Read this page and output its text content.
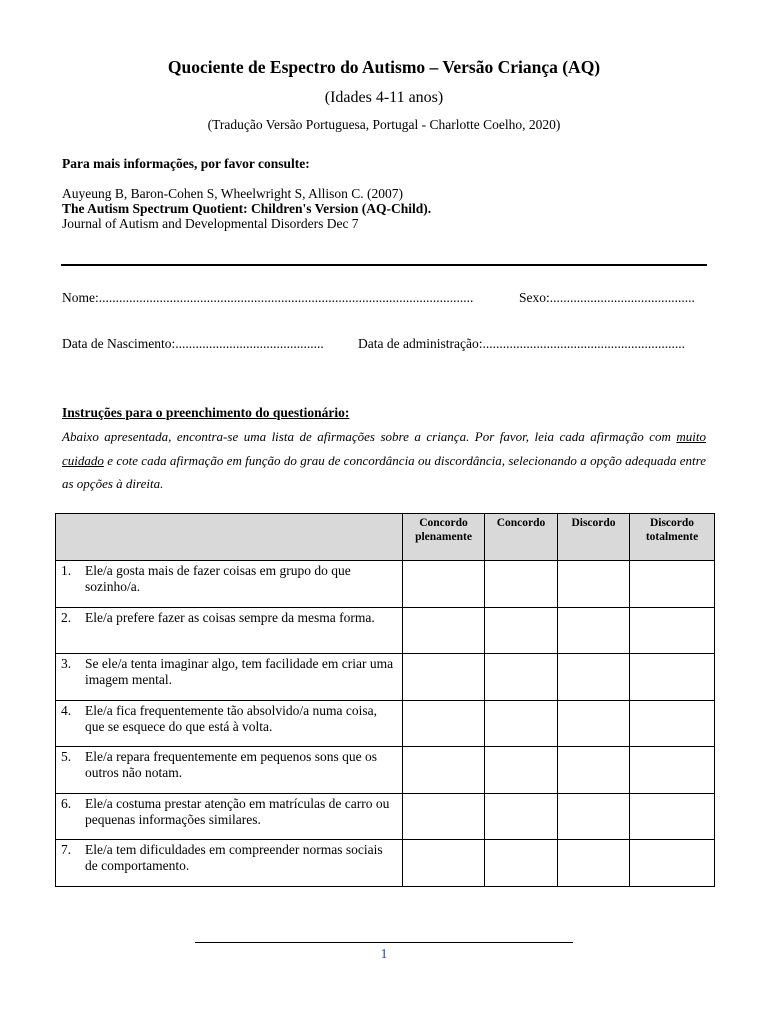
Quociente de Espectro do Autismo – Versão Criança (AQ)
(Idades 4-11 anos)
(Tradução Versão Portuguesa, Portugal - Charlotte Coelho, 2020)
Para mais informações, por favor consulte:
Auyeung B, Baron-Cohen S, Wheelwright S, Allison C. (2007)
The Autism Spectrum Quotient: Children's Version (AQ-Child).
Journal of Autism and Developmental Disorders Dec 7
Nome:...............................................................................................................	Sexo:...........................................
Data de Nascimento:............................................	Data de administração:............................................................
Instruções para o preenchimento do questionário:
Abaixo apresentada, encontra-se uma lista de afirmações sobre a criança. Por favor, leia cada afirmação com muito cuidado e cote cada afirmação em função do grau de concordância ou discordância, selecionando a opção adequada entre as opções à direita.
	Concordo plenamente	Concordo	Discordo	Discordo totalmente

1. Ele/a gosta mais de fazer coisas em grupo do que sozinho/a.				

2. Ele/a prefere fazer as coisas sempre da mesma forma.				

3. Se ele/a tenta imaginar algo, tem facilidade em criar uma imagem mental.				

4. Ele/a fica frequentemente tão absolvido/a numa coisa, que se esquece do que está à volta.				

5. Ele/a repara frequentemente em pequenos sons que os outros não notam.				

6. Ele/a costuma prestar atenção em matrículas de carro ou pequenas informações similares.				

7. Ele/a tem dificuldades em compreender normas sociais de comportamento.				

1
